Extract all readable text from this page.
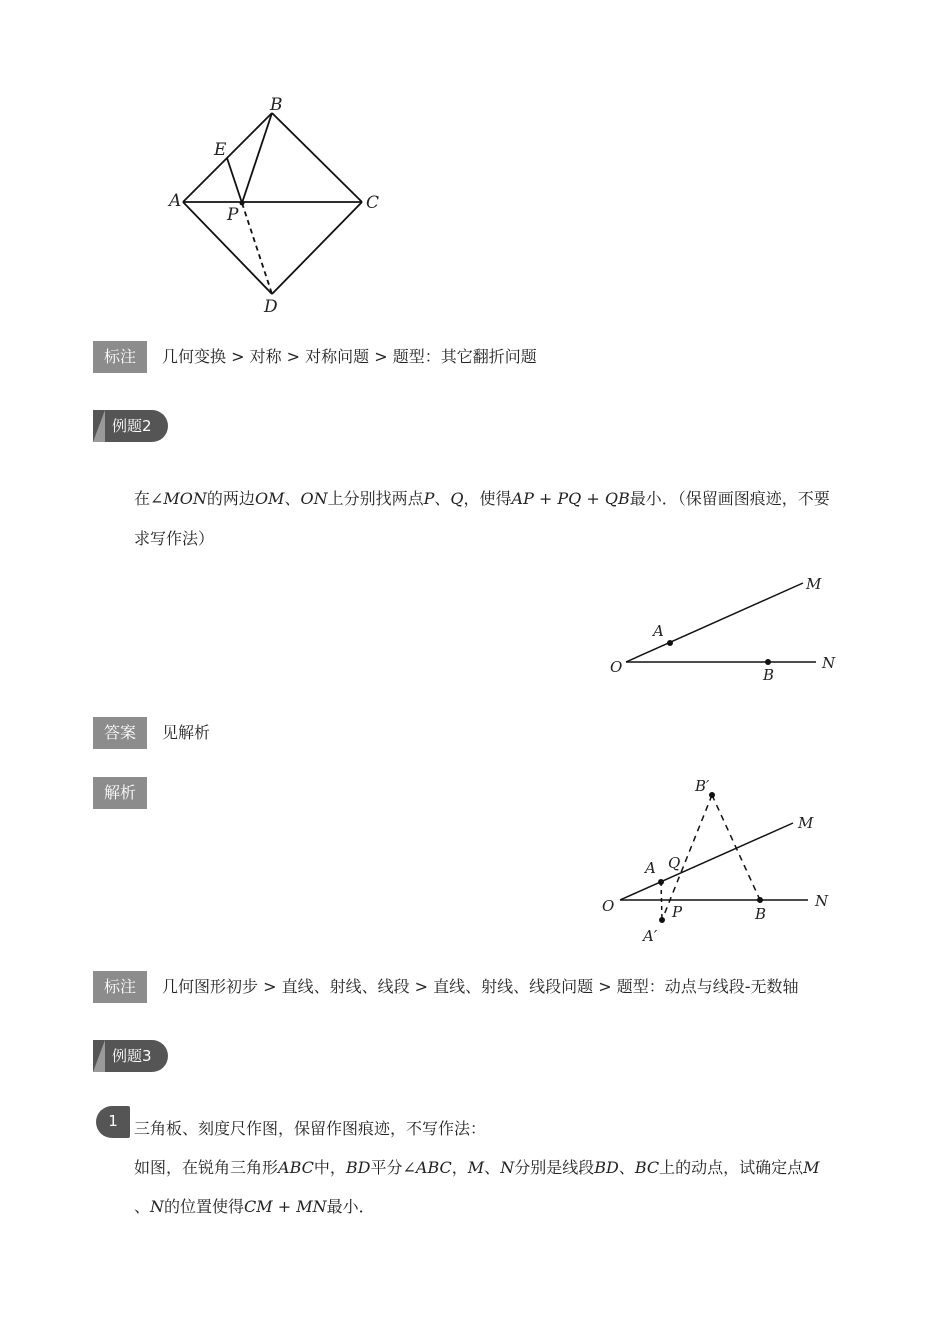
B
E
A
P
C
D
标注	几何变换 > 对称 > 对称问题 > 题型：其它翻折问题
例题2
在∠MON的两边OM、ON上分别找两点P、Q，使得AP + PQ + QB最小．（保留画图痕迹，不要
求写作法）
M
A
O	B
N
答案	见解析
解析	B′
M
Q
A
O	P	B
N
A′
标注	几何图形初步 > 直线、射线、线段 > 直线、射线、线段问题 > 题型：动点与线段-无数轴
例题3
1	三角板、刻度尺作图，保留作图痕迹，不写作法：
如图，在锐角三角形ABC中，BD平分∠ABC，M、N分别是线段BD、BC上的动点，试确定点M
、N的位置使得CM + MN最小．
